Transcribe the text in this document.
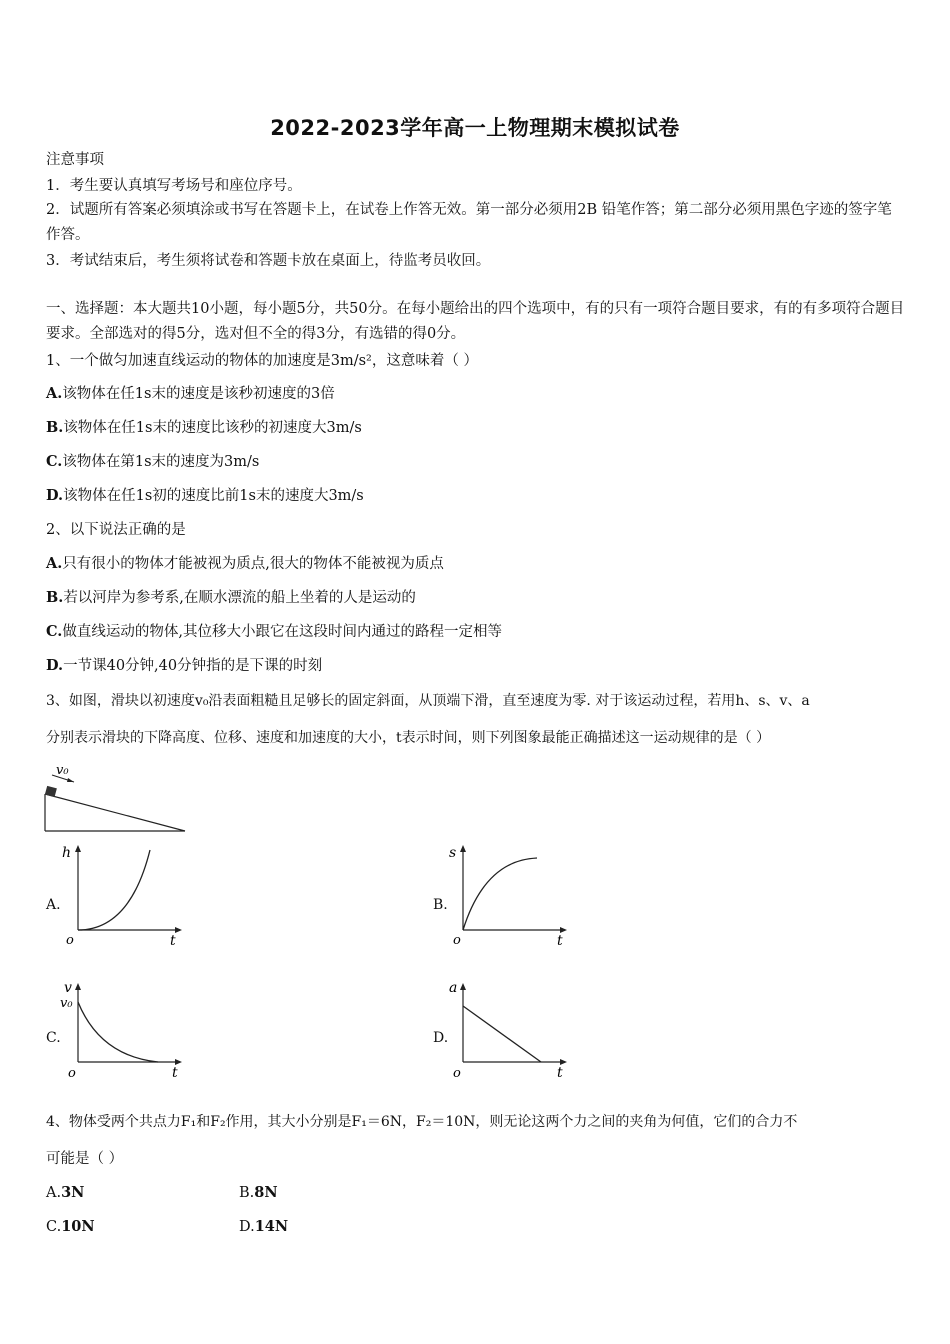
2022-2023学年高一上物理期末模拟试卷
注意事项
1．考生要认真填写考场号和座位序号。
2．试题所有答案必须填涂或书写在答题卡上，在试卷上作答无效。第一部分必须用2B 铅笔作答；第二部分必须用黑色字迹的签字笔作答。
3．考试结束后，考生须将试卷和答题卡放在桌面上，待监考员收回。
一、选择题：本大题共10小题，每小题5分，共50分。在每小题给出的四个选项中，有的只有一项符合题目要求，有的有多项符合题目要求。全部选对的得5分，选对但不全的得3分，有选错的得0分。
1、一个做匀加速直线运动的物体的加速度是3m/s²，这意味着（ ）
A.该物体在任1s末的速度是该秒初速度的3倍
B.该物体在任1s末的速度比该秒的初速度大3m/s
C.该物体在第1s末的速度为3m/s
D.该物体在任1s初的速度比前1s末的速度大3m/s
2、以下说法正确的是
A.只有很小的物体才能被视为质点,很大的物体不能被视为质点
B.若以河岸为参考系,在顺水漂流的船上坐着的人是运动的
C.做直线运动的物体,其位移大小跟它在这段时间内通过的路程一定相等
D.一节课40分钟,40分钟指的是下课的时刻
3、如图，滑块以初速度v₀沿表面粗糙且足够长的固定斜面，从顶端下滑，直至速度为零. 对于该运动过程，若用h、s、v、a
分别表示滑块的下降高度、位移、速度和加速度的大小，t表示时间，则下列图象最能正确描述这一运动规律的是（ ）
v₀
A.
h
o	t
B.
s
o	t
C.
v
v₀
o	t
D.
a
o	t
4、物体受两个共点力F₁和F₂作用，其大小分别是F₁＝6N，F₂＝10N，则无论这两个力之间的夹角为何值，它们的合力不
可能是（ ）
A.3N	B.8N
C.10N	D.14N
